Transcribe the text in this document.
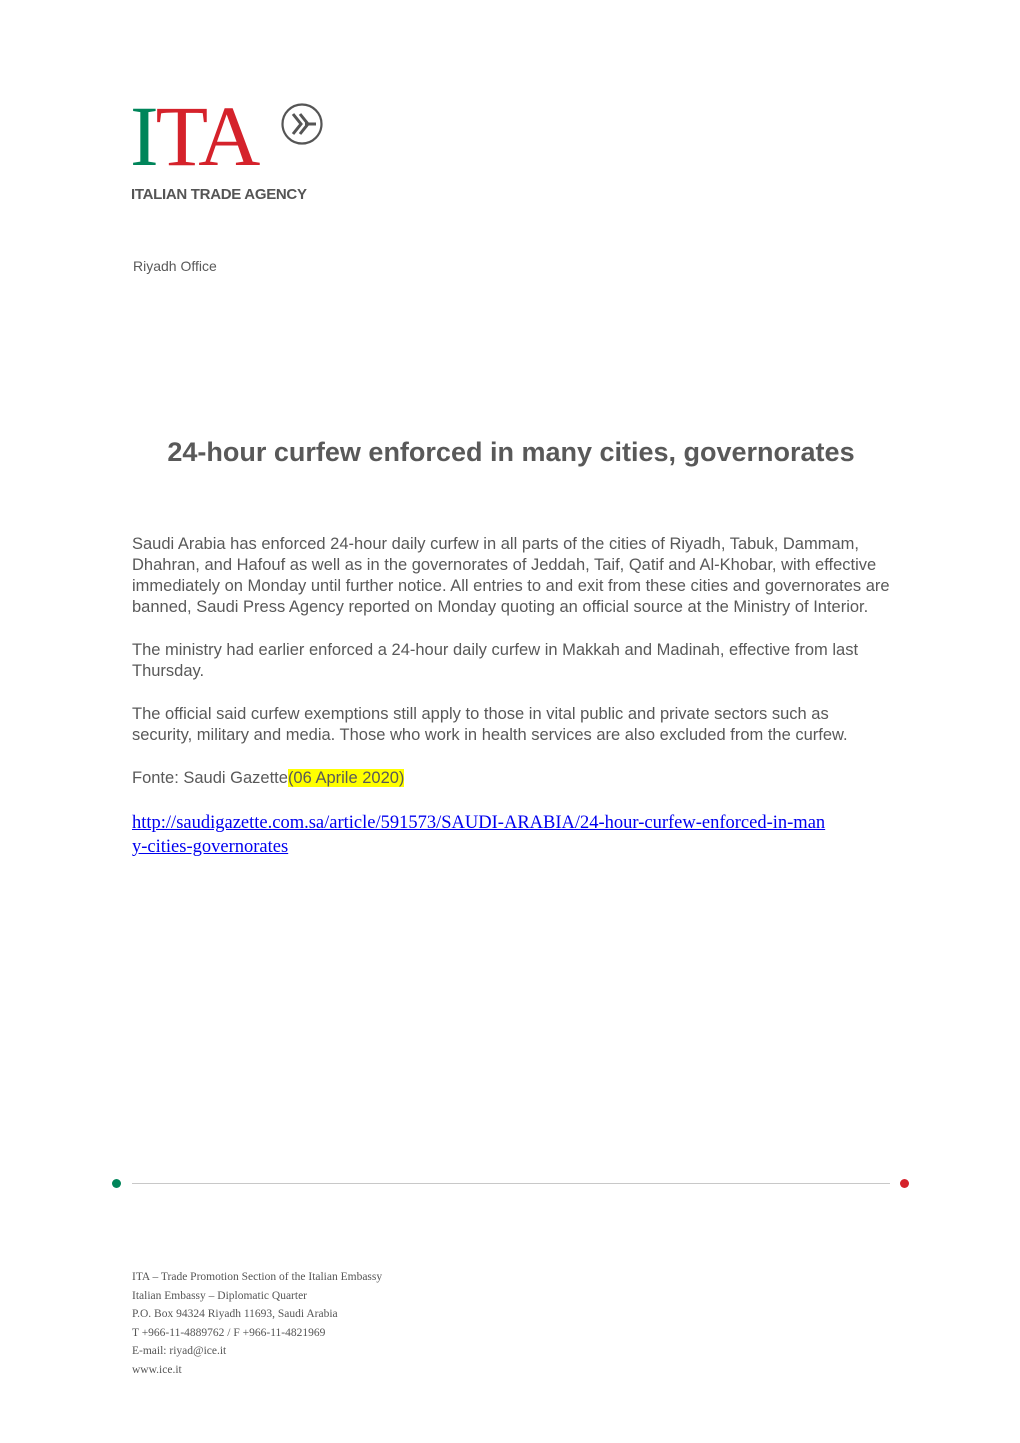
ITA
ITALIAN TRADE AGENCY
Riyadh Office
24-hour curfew enforced in many cities, governorates

Saudi Arabia has enforced 24-hour daily curfew in all parts of the cities of Riyadh, Tabuk, Dammam, Dhahran, and Hafouf as well as in the governorates of Jeddah, Taif, Qatif and Al-Khobar, with effective immediately on Monday until further notice. All entries to and exit from these cities and governorates are banned, Saudi Press Agency reported on Monday quoting an official source at the Ministry of Interior.

The ministry had earlier enforced a 24-hour daily curfew in Makkah and Madinah, effective from last Thursday.

The official said curfew exemptions still apply to those in vital public and private sectors such as security, military and media. Those who work in health services are also excluded from the curfew.

Fonte: Saudi Gazette(06 Aprile 2020)

http://saudigazette.com.sa/article/591573/SAUDI-ARABIA/24-hour-curfew-enforced-in-many-cities-governorates
ITA – Trade Promotion Section of the Italian Embassy
Italian Embassy – Diplomatic Quarter
P.O. Box 94324 Riyadh 11693, Saudi Arabia
T +966-11-4889762 / F +966-11-4821969
E-mail: riyad@ice.it
www.ice.it
